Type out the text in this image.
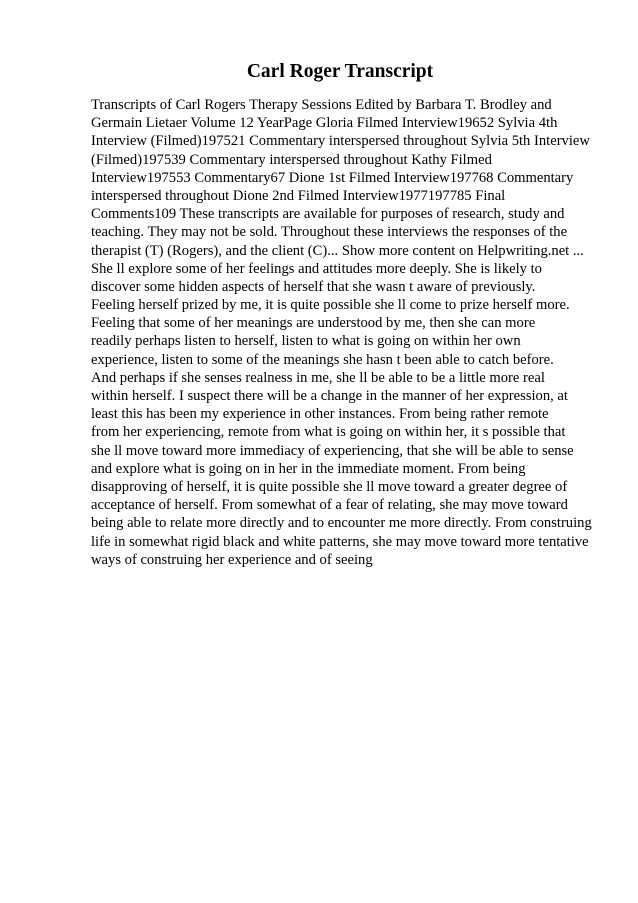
Carl Roger Transcript
Transcripts of Carl Rogers Therapy Sessions Edited by Barbara T. Brodley and
Germain Lietaer Volume 12 YearPage Gloria Filmed Interview19652 Sylvia 4th
Interview (Filmed)197521 Commentary interspersed throughout Sylvia 5th Interview
(Filmed)197539 Commentary interspersed throughout Kathy Filmed
Interview197553 Commentary67 Dione 1st Filmed Interview197768 Commentary
interspersed throughout Dione 2nd Filmed Interview1977197785 Final
Comments109 These transcripts are available for purposes of research, study and
teaching. They may not be sold. Throughout these interviews the responses of the
therapist (T) (Rogers), and the client (C)... Show more content on Helpwriting.net ...
She ll explore some of her feelings and attitudes more deeply. She is likely to
discover some hidden aspects of herself that she wasn t aware of previously.
Feeling herself prized by me, it is quite possible she ll come to prize herself more.
Feeling that some of her meanings are understood by me, then she can more
readily perhaps listen to herself, listen to what is going on within her own
experience, listen to some of the meanings she hasn t been able to catch before.
And perhaps if she senses realness in me, she ll be able to be a little more real
within herself. I suspect there will be a change in the manner of her expression, at
least this has been my experience in other instances. From being rather remote
from her experiencing, remote from what is going on within her, it s possible that
she ll move toward more immediacy of experiencing, that she will be able to sense
and explore what is going on in her in the immediate moment. From being
disapproving of herself, it is quite possible she ll move toward a greater degree of
acceptance of herself. From somewhat of a fear of relating, she may move toward
being able to relate more directly and to encounter me more directly. From construing
life in somewhat rigid black and white patterns, she may move toward more tentative
ways of construing her experience and of seeing
